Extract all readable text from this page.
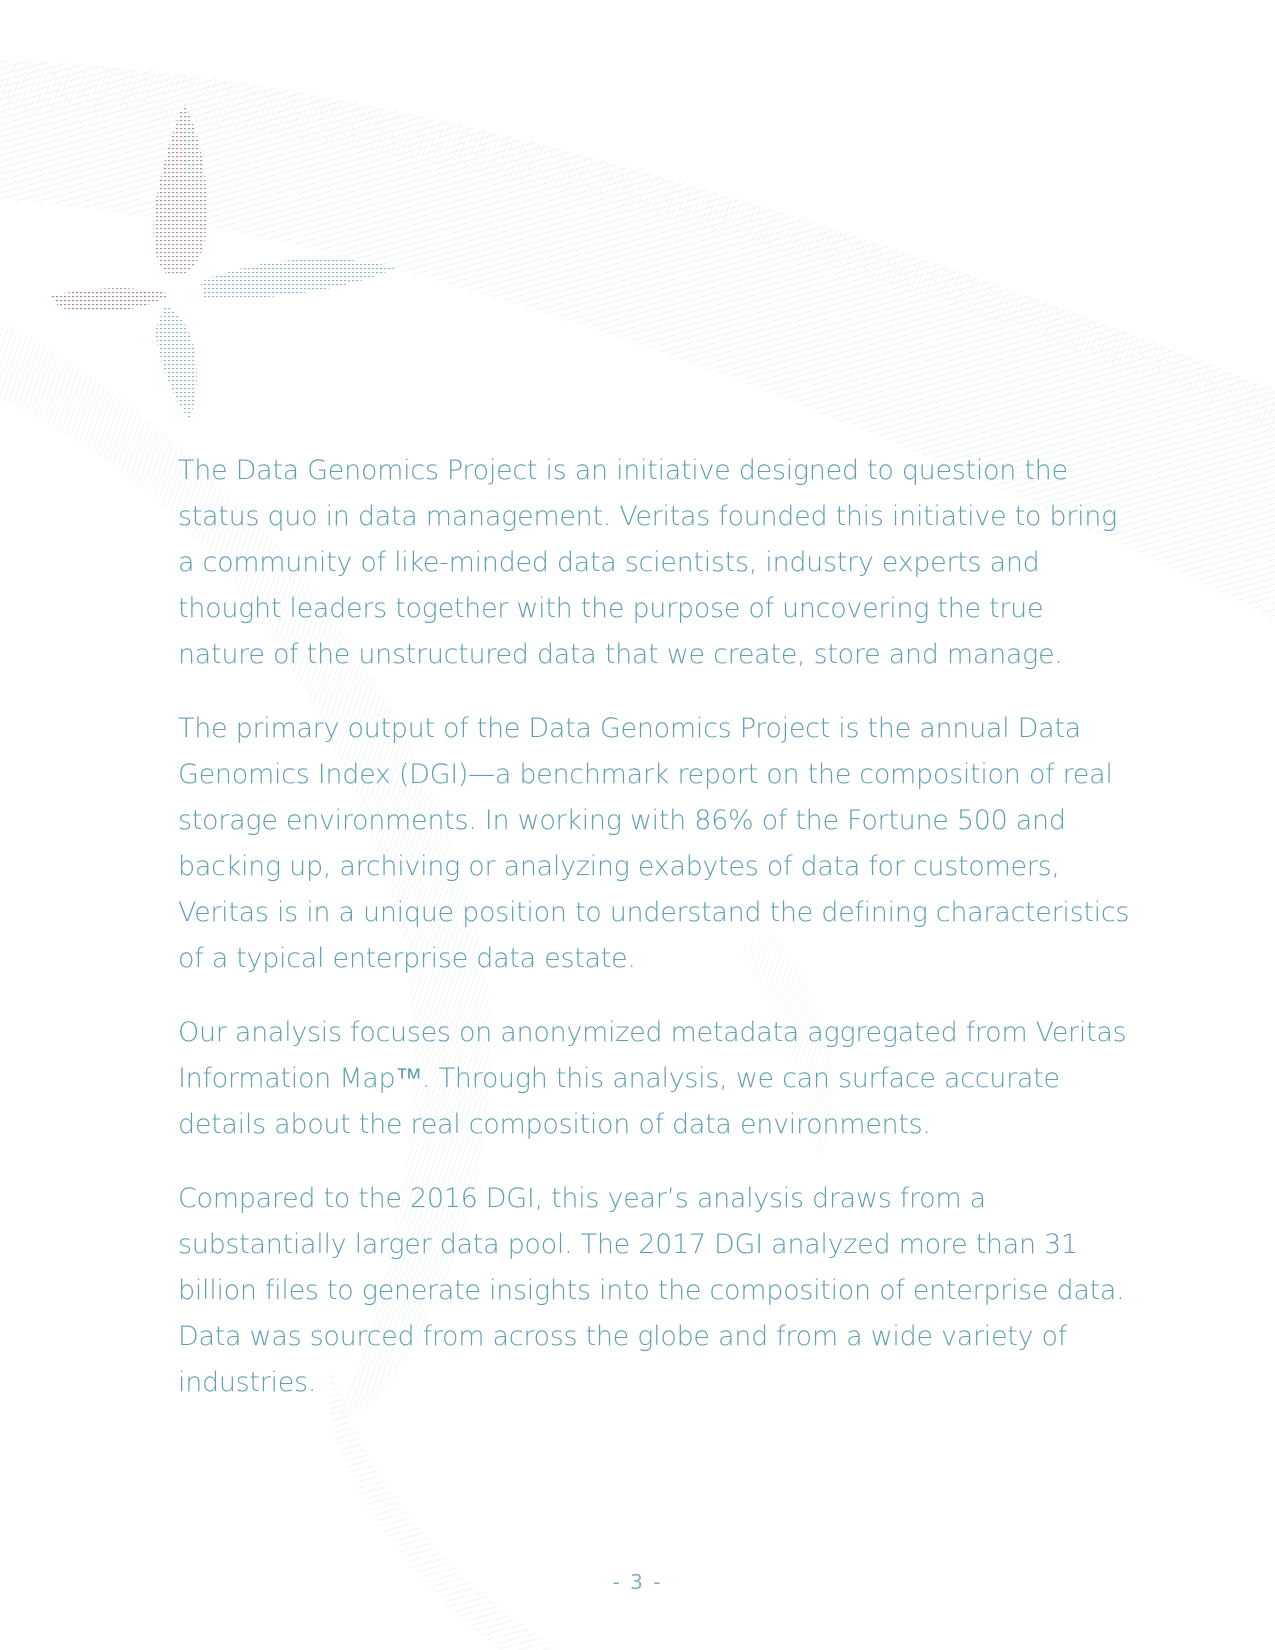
The Data Genomics Project is an initiative designed to question the status quo in data management. Veritas founded this initiative to bring a community of like-minded data scientists, industry experts and thought leaders together with the purpose of uncovering the true nature of the unstructured data that we create, store and manage.

The primary output of the Data Genomics Project is the annual Data Genomics Index (DGI)—a benchmark report on the composition of real storage environments. In working with 86% of the Fortune 500 and backing up, archiving or analyzing exabytes of data for customers, Veritas is in a unique position to understand the defining characteristics of a typical enterprise data estate.

Our analysis focuses on anonymized metadata aggregated from Veritas Information Map™. Through this analysis, we can surface accurate details about the real composition of data environments.

Compared to the 2016 DGI, this year’s analysis draws from a substantially larger data pool. The 2017 DGI analyzed more than 31 billion files to generate insights into the composition of enterprise data. Data was sourced from across the globe and from a wide variety of industries.

- 3 -
